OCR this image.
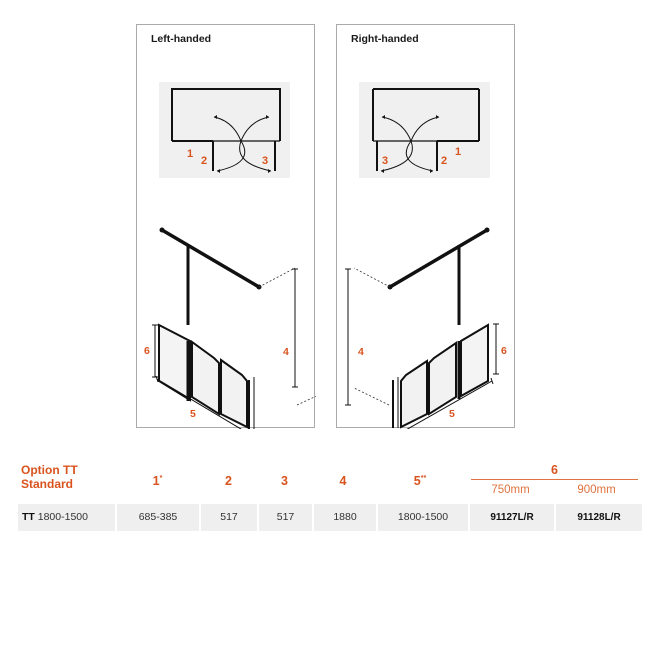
Left-handed
1
2	3
6
5
4
Right-handed
1
2
3
6
5
4
Option TT
Standard	1*	2	3	4	5**
6
750mm	900mm
TT 1800-1500	685-385	517	517	1880	1800-1500	91127L/R	91128L/R
